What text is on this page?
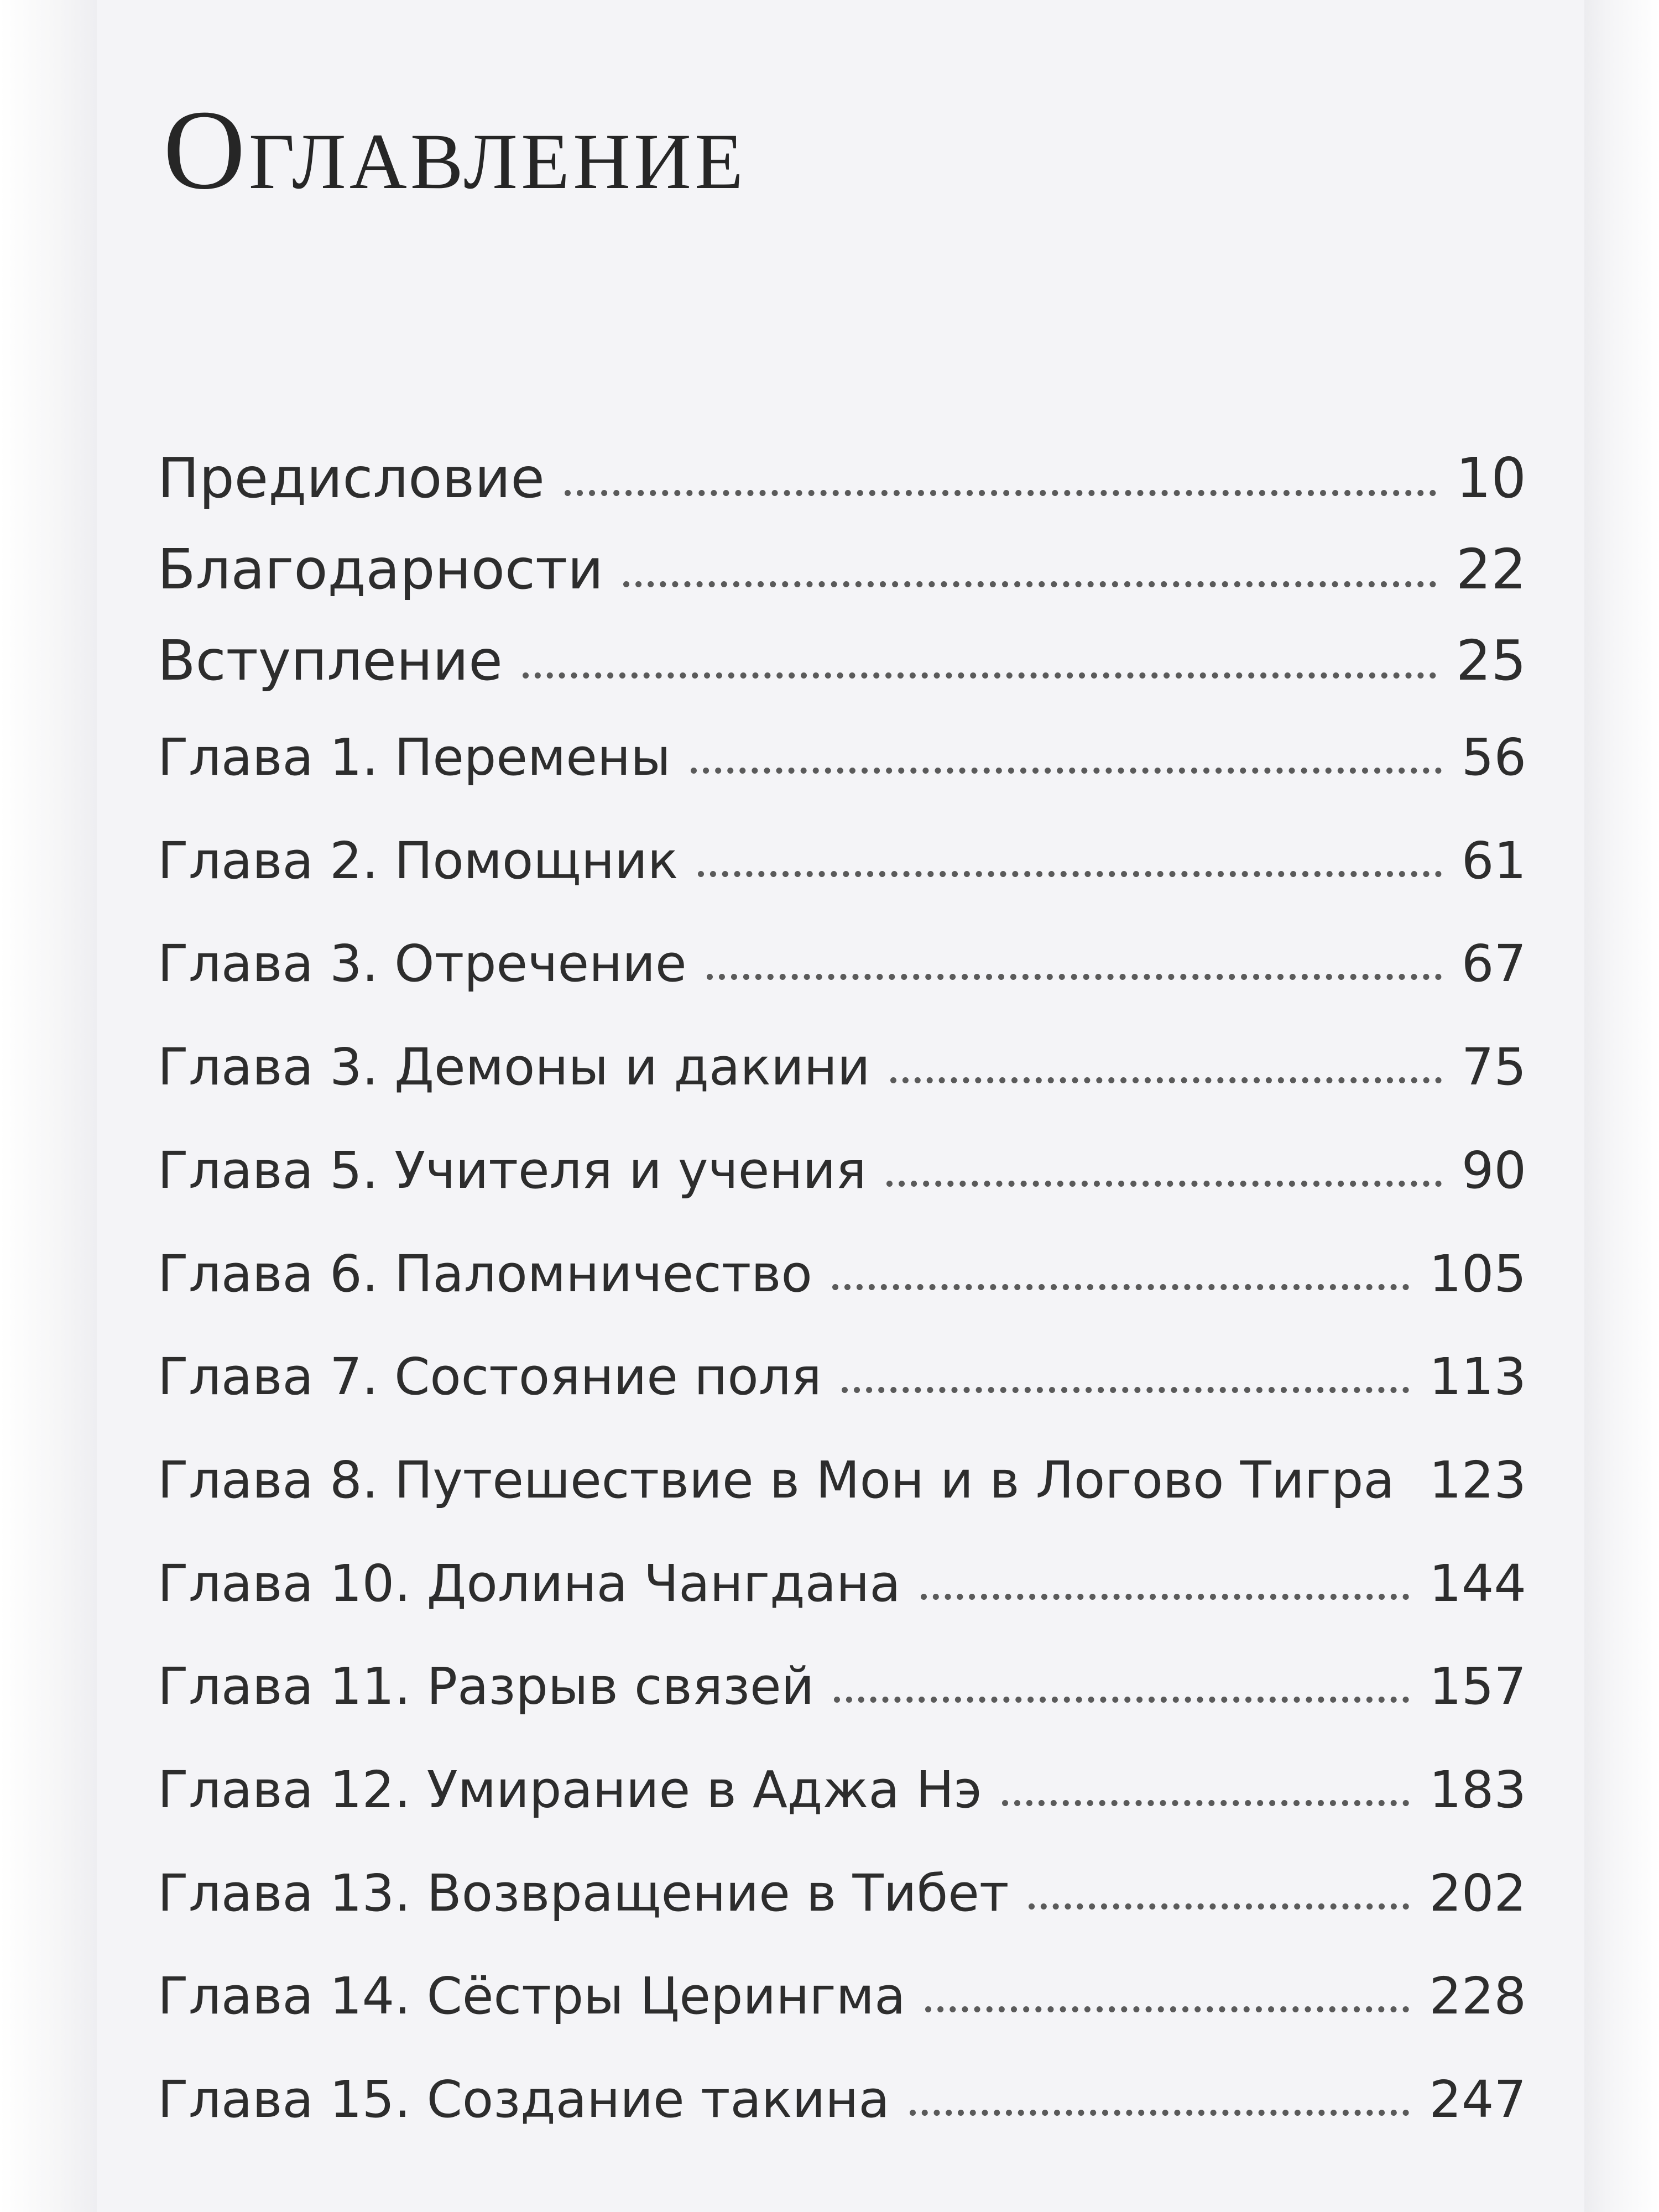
Оглавление
Предисловие	10
Благодарности	22
Вступление	25
Глава 1. Перемены	56
Глава 2. Помощник	61
Глава 3. Отречение	67
Глава 3. Демоны и дакини	75
Глава 5. Учителя и учения	90
Глава 6. Паломничество	105
Глава 7. Состояние поля	113
Глава 8. Путешествие в Мон и в Логово Тигра 123
Глава 10. Долина Чангдана	144
Глава 11. Разрыв связей	157
Глава 12. Умирание в Аджа Нэ	183
Глава 13. Возвращение в Тибет	202
Глава 14. Сёстры Церингма	228
Глава 15. Создание такина	247
